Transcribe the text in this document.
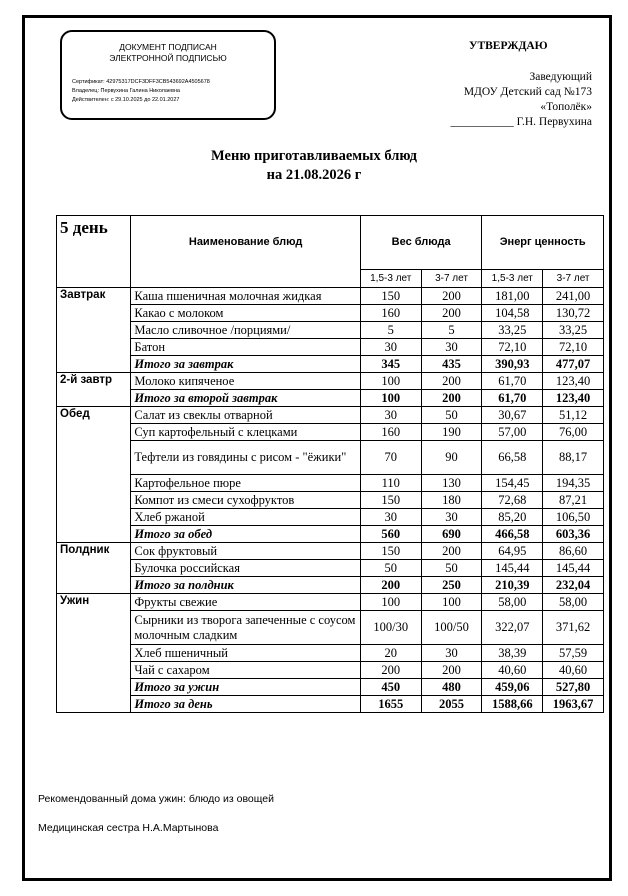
ДОКУМЕНТ ПОДПИСАН
ЭЛЕКТРОННОЙ ПОДПИСЬЮ
Сертификат: 42975317DCF3DFF3CB543692A4505678
Владелец: Первухина Галина Николаевна
Действителен: с 29.10.2025 до 22.01.2027
УТВЕРЖДАЮ
Заведующий
МДОУ Детский сад №173
«Тополёк»
___________ Г.Н. Первухина
Меню приготавливаемых блюд
на 21.08.2026 г
5 день	Наименование блюд	Вес блюда		Энерг ценность	
		1,5-3 лет	3-7 лет	1,5-3 лет	3-7 лет
Завтрак	Каша пшеничная молочная жидкая	150	200	181,00	241,00
	Какао с молоком	160	200	104,58	130,72
	Масло сливочное /порциями/	5	5	33,25	33,25
	Батон	30	30	72,10	72,10
	Итого за завтрак	345	435	390,93	477,07
2-й завтр	Молоко кипяченое	100	200	61,70	123,40
	Итого за второй завтрак	100	200	61,70	123,40
Обед	Салат из свеклы отварной	30	50	30,67	51,12
	Суп картофельный с клецками	160	190	57,00	76,00
	Тефтели из говядины с рисом - "ёжики"	70	90	66,58	88,17
	Картофельное пюре	110	130	154,45	194,35
	Компот из смеси сухофруктов	150	180	72,68	87,21
	Хлеб ржаной	30	30	85,20	106,50
	Итого за обед	560	690	466,58	603,36
Полдник	Сок фруктовый	150	200	64,95	86,60
	Булочка российская	50	50	145,44	145,44
	Итого за полдник	200	250	210,39	232,04
Ужин	Фрукты свежие	100	100	58,00	58,00
	Сырники из творога запеченные с соусом молочным сладким	100/30	100/50	322,07	371,62
	Хлеб пшеничный	20	30	38,39	57,59
	Чай с сахаром	200	200	40,60	40,60
	Итого за ужин	450	480	459,06	527,80
	Итого за день	1655	2055	1588,66	1963,67
Рекомендованный дома ужин: блюдо из овощей
Медицинская сестра Н.А.Мартынова
